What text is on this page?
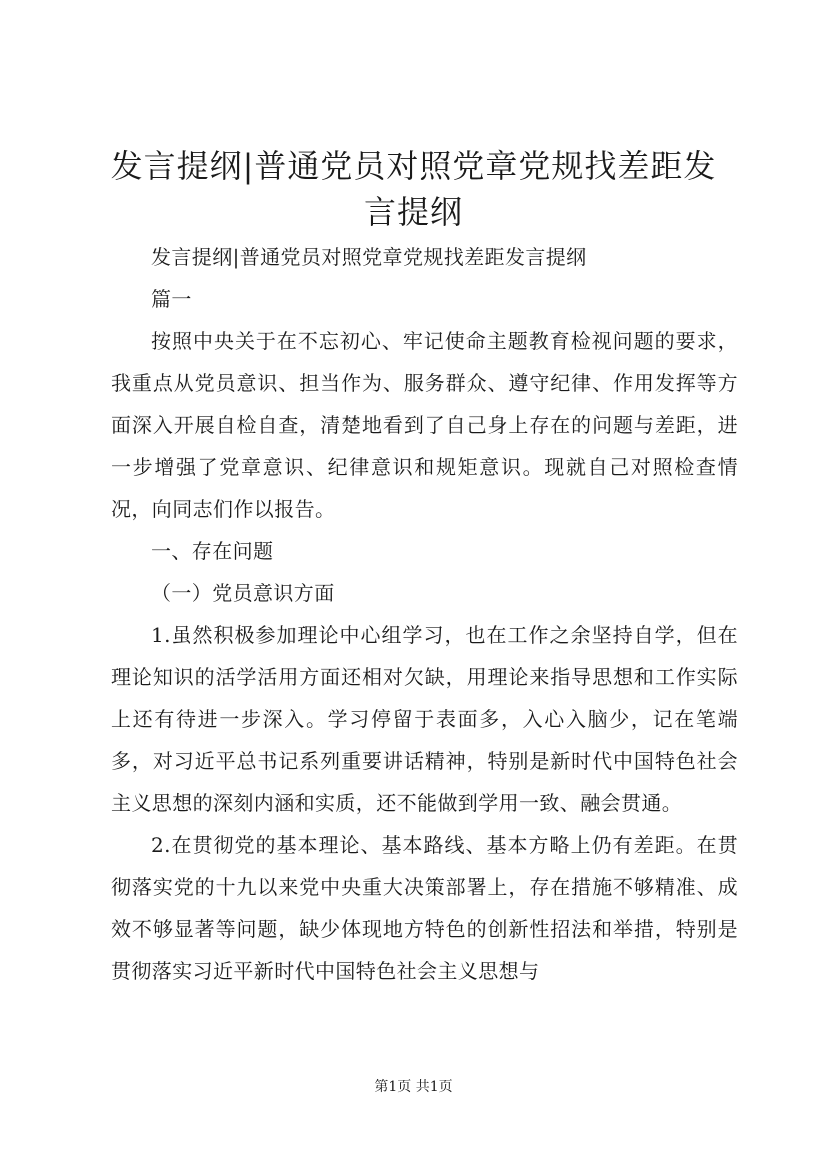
发言提纲|普通党员对照党章党规找差距发言提纲

发言提纲|普通党员对照党章党规找差距发言提纲

篇一

按照中央关于在不忘初心、牢记使命主题教育检视问题的要求，我重点从党员意识、担当作为、服务群众、遵守纪律、作用发挥等方面深入开展自检自查，清楚地看到了自己身上存在的问题与差距，进一步增强了党章意识、纪律意识和规矩意识。现就自己对照检查情况，向同志们作以报告。

一、存在问题

（一）党员意识方面

1.虽然积极参加理论中心组学习，也在工作之余坚持自学，但在理论知识的活学活用方面还相对欠缺，用理论来指导思想和工作实际上还有待进一步深入。学习停留于表面多，入心入脑少，记在笔端多，对习近平总书记系列重要讲话精神，特别是新时代中国特色社会主义思想的深刻内涵和实质，还不能做到学用一致、融会贯通。

2.在贯彻党的基本理论、基本路线、基本方略上仍有差距。在贯彻落实党的十九以来党中央重大决策部署上，存在措施不够精准、成效不够显著等问题，缺少体现地方特色的创新性招法和举措，特别是贯彻落实习近平新时代中国特色社会主义思想与

第1页 共1页
